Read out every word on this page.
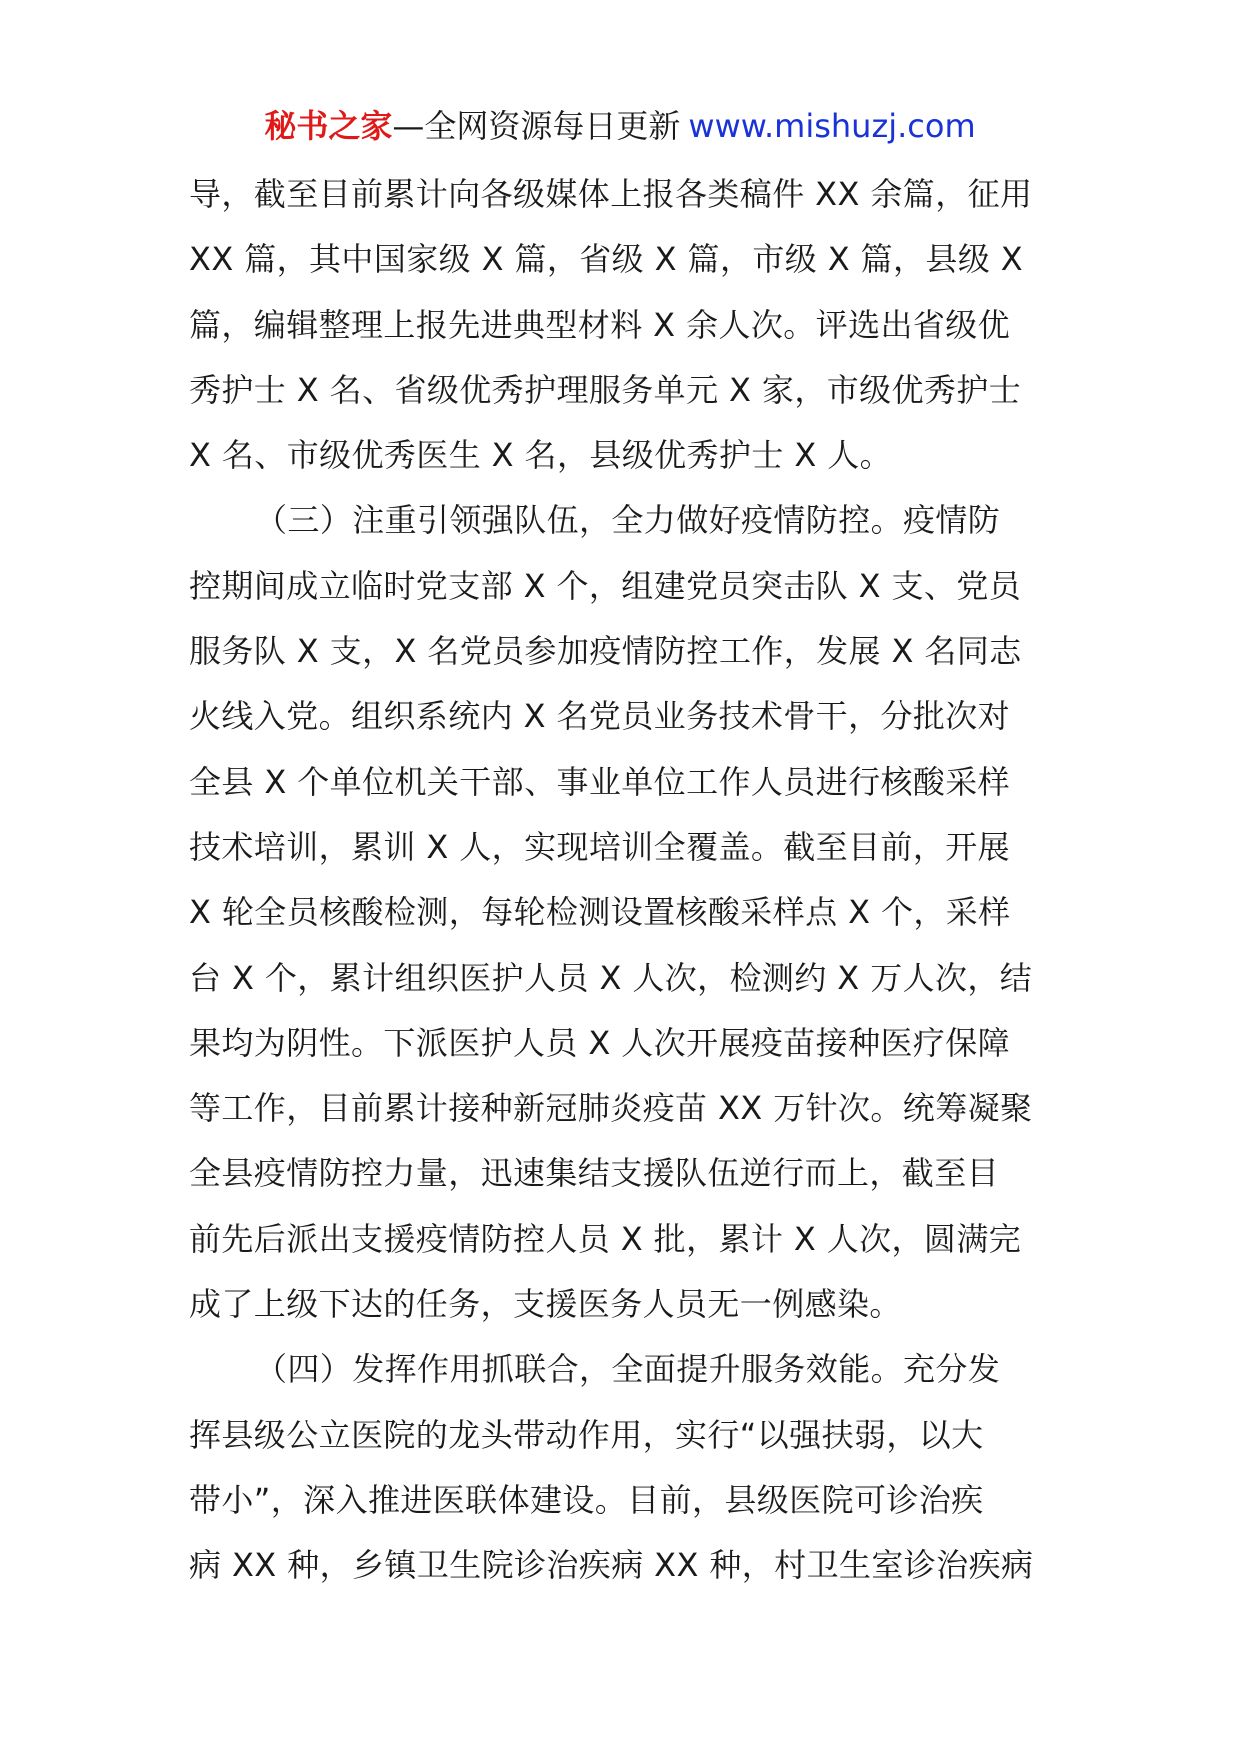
秘书之家—全网资源每日更新 www.mishuzj.com
导，截至目前累计向各级媒体上报各类稿件 XX 余篇，征用
XX 篇，其中国家级 X 篇，省级 X 篇，市级 X 篇，县级 X
篇，编辑整理上报先进典型材料 X 余人次。评选出省级优
秀护士 X 名、省级优秀护理服务单元 X 家，市级优秀护士
X 名、市级优秀医生 X 名，县级优秀护士 X 人。
（三）注重引领强队伍，全力做好疫情防控。疫情防
控期间成立临时党支部 X 个，组建党员突击队 X 支、党员
服务队 X 支，X 名党员参加疫情防控工作，发展 X 名同志
火线入党。组织系统内 X 名党员业务技术骨干，分批次对
全县 X 个单位机关干部、事业单位工作人员进行核酸采样
技术培训，累训 X 人，实现培训全覆盖。截至目前，开展
X 轮全员核酸检测，每轮检测设置核酸采样点 X 个，采样
台 X 个，累计组织医护人员 X 人次，检测约 X 万人次，结
果均为阴性。下派医护人员 X 人次开展疫苗接种医疗保障
等工作，目前累计接种新冠肺炎疫苗 XX 万针次。统筹凝聚
全县疫情防控力量，迅速集结支援队伍逆行而上，截至目
前先后派出支援疫情防控人员 X 批，累计 X 人次，圆满完
成了上级下达的任务，支援医务人员无一例感染。
（四）发挥作用抓联合，全面提升服务效能。充分发
挥县级公立医院的龙头带动作用，实行“以强扶弱，以大
带小”，深入推进医联体建设。目前，县级医院可诊治疾
病 XX 种，乡镇卫生院诊治疾病 XX 种，村卫生室诊治疾病
